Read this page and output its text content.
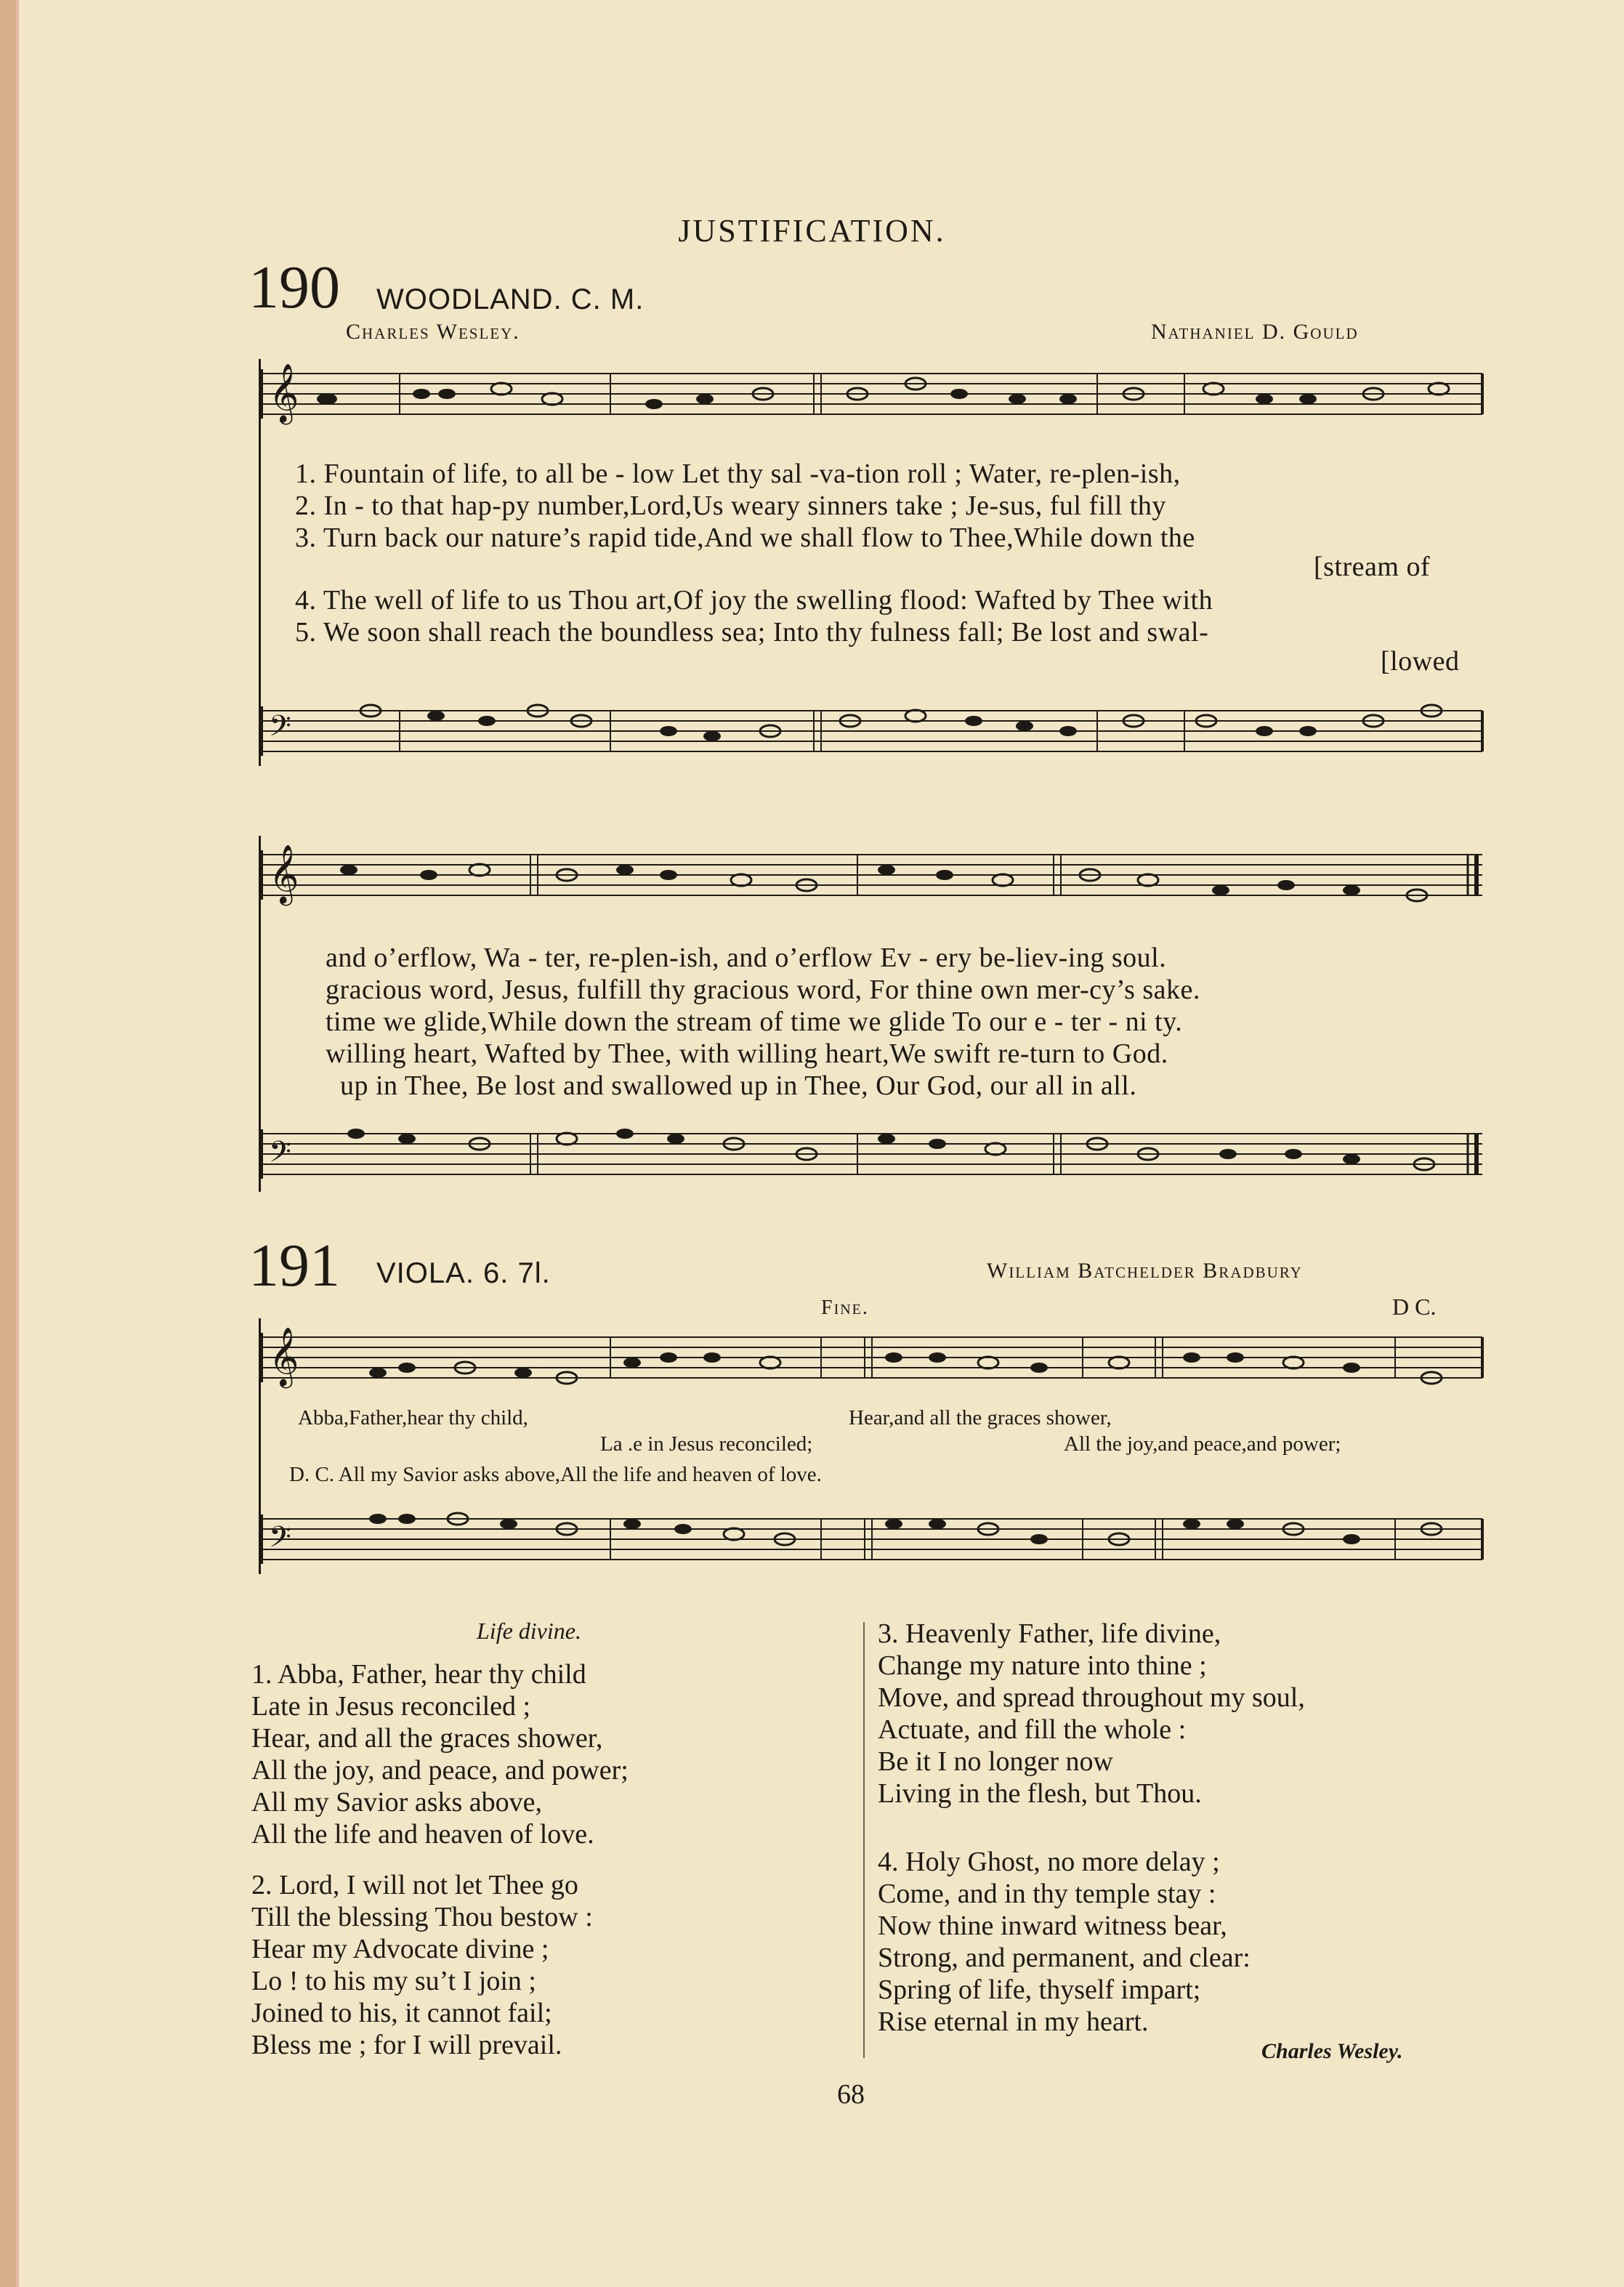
JUSTIFICATION.
190 WOODLAND. C. M.
Charles Wesley.	Nathaniel D. Gould
𝄞
1. Fountain of life, to all be - low Let thy sal -va-tion roll ; Water, re-plen-ish,
2. In - to that hap-py number,Lord,Us weary sinners take ; Je-sus, ful fill thy
3. Turn back our nature’s rapid tide,And we shall flow to Thee,While down the
[stream of
4. The well of life to us Thou art,Of joy the swelling flood: Wafted by Thee with
5. We soon shall reach the boundless sea; Into thy fulness fall; Be lost and swal-
[lowed
𝄢
𝄞
and o’erflow, Wa - ter, re-plen-ish, and o’erflow Ev - ery be-liev-ing soul.
gracious word, Jesus, fulfill thy gracious word, For thine own mer-cy’s sake.
time we glide,While down the stream of time we glide To our e - ter - ni ty.
willing heart, Wafted by Thee, with willing heart,We swift re-turn to God.
up in Thee, Be lost and swallowed up in Thee, Our God, our all in all.
𝄢
191 VIOLA. 6. 7l.	William Batchelder Bradbury
Fine.	D C.
𝄞
Abba,Father,hear thy child,	Hear,and all the graces shower,
La .e in Jesus reconciled;	All the joy,and peace,and power;
D. C. All my Savior asks above,All the life and heaven of love.
𝄢
Life divine.
1. Abba, Father, hear thy child
Late in Jesus reconciled ;
Hear, and all the graces shower,
All the joy, and peace, and power;
All my Savior asks above,
All the life and heaven of love.
2. Lord, I will not let Thee go
Till the blessing Thou bestow :
Hear my Advocate divine ;
Lo ! to his my su’t I join ;
Joined to his, it cannot fail;
Bless me ; for I will prevail.
3. Heavenly Father, life divine,
Change my nature into thine ;
Move, and spread throughout my soul,
Actuate, and fill the whole :
Be it I no longer now
Living in the flesh, but Thou.
4. Holy Ghost, no more delay ;
Come, and in thy temple stay :
Now thine inward witness bear,
Strong, and permanent, and clear:
Spring of life, thyself impart;
Rise eternal in my heart.
Charles Wesley.
68
